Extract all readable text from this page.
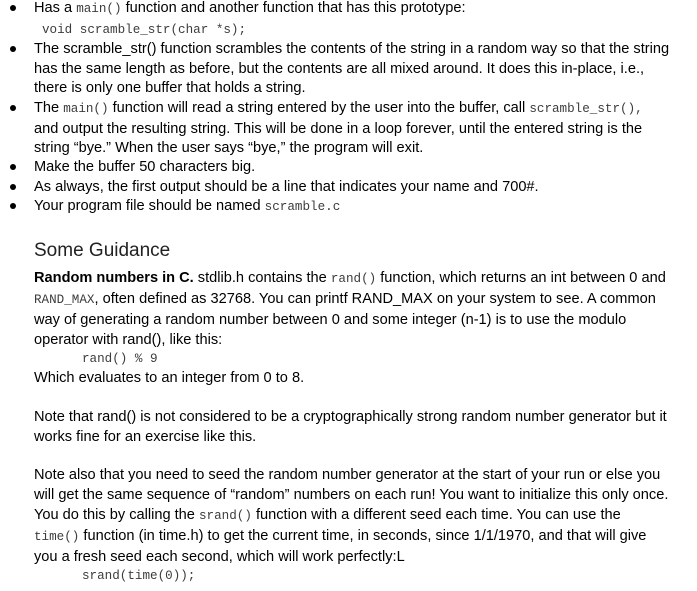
Has a main() function and another function that has this prototype:
void scramble_str(char *s);
The scramble_str() function scrambles the contents of the string in a random way so that the string
has the same length as before, but the contents are all mixed around. It does this in-place, i.e.,
there is only one buffer that holds a string.
The main() function will read a string entered by the user into the buffer, call scramble_str(),
and output the resulting string. This will be done in a loop forever, until the entered string is the
string “bye.” When the user says “bye,” the program will exit.
Make the buffer 50 characters big.
As always, the first output should be a line that indicates your name and 700#.
Your program file should be named scramble.c
Some Guidance
Random numbers in C. stdlib.h contains the rand() function, which returns an int between 0 and
RAND_MAX, often defined as 32768. You can printf RAND_MAX on your system to see. A common
way of generating a random number between 0 and some integer (n-1) is to use the modulo
operator with rand(), like this:
rand() % 9
Which evaluates to an integer from 0 to 8.
Note that rand() is not considered to be a cryptographically strong random number generator but it
works fine for an exercise like this.
Note also that you need to seed the random number generator at the start of your run or else you
will get the same sequence of “random” numbers on each run! You want to initialize this only once.
You do this by calling the srand() function with a different seed each time. You can use the
time() function (in time.h) to get the current time, in seconds, since 1/1/1970, and that will give
you a fresh seed each second, which will work perfectly:L
srand(time(0));
